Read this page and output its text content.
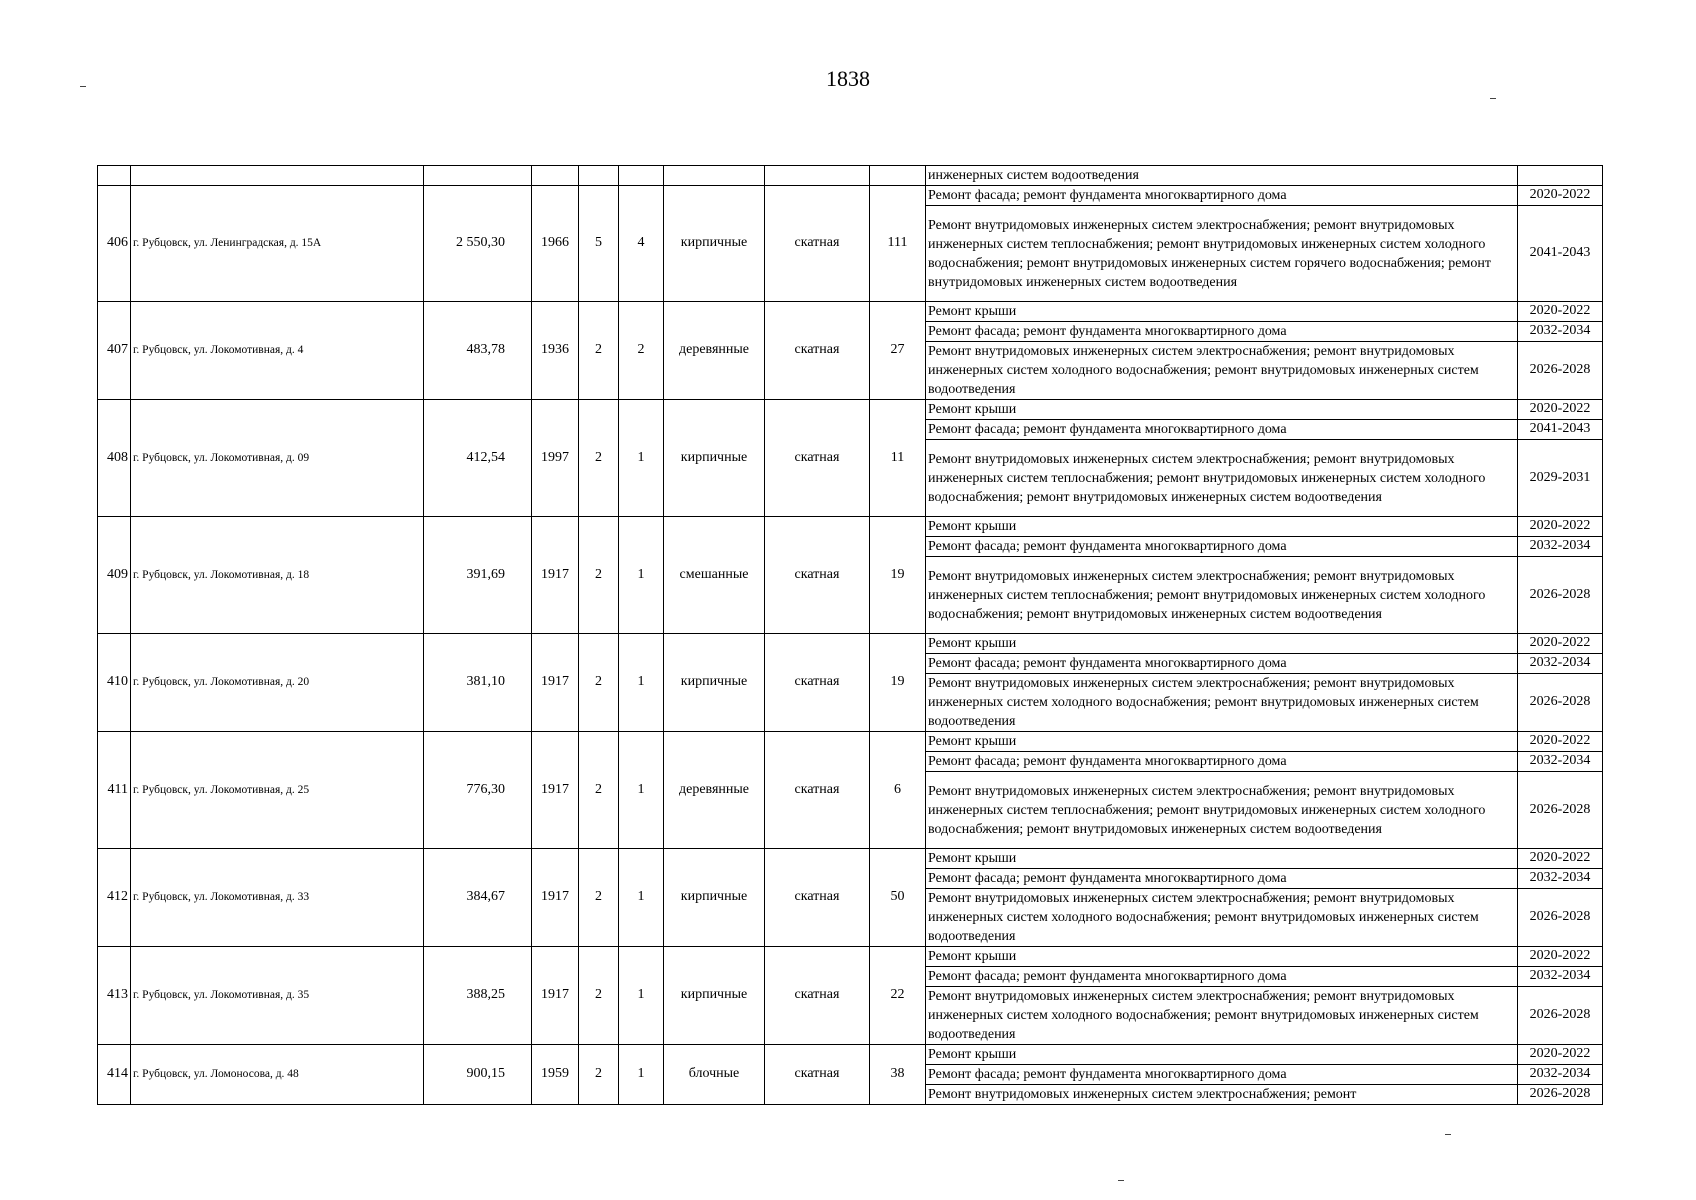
1838
									инженерных систем водоотведения	
406	г. Рубцовск, ул. Ленинградская, д. 15А	2 550,30	1966	5	4	кирпичные	скатная	111	Ремонт фасада; ремонт фундамента многоквартирного дома	2020-2022
									Ремонт внутридомовых инженерных систем электроснабжения; ремонт внутридомовых инженерных систем теплоснабжения; ремонт внутридомовых инженерных систем холодного водоснабжения; ремонт внутридомовых инженерных систем горячего водоснабжения; ремонт внутридомовых инженерных систем водоотведения	2041-2043
407	г. Рубцовск, ул. Локомотивная, д. 4	483,78	1936	2	2	деревянные	скатная	27	Ремонт крыши	2020-2022
									Ремонт фасада; ремонт фундамента многоквартирного дома	2032-2034
									Ремонт внутридомовых инженерных систем электроснабжения; ремонт внутридомовых инженерных систем холодного водоснабжения; ремонт внутридомовых инженерных систем водоотведения	2026-2028
408	г. Рубцовск, ул. Локомотивная, д. 09	412,54	1997	2	1	кирпичные	скатная	11	Ремонт крыши	2020-2022
									Ремонт фасада; ремонт фундамента многоквартирного дома	2041-2043
									Ремонт внутридомовых инженерных систем электроснабжения; ремонт внутридомовых инженерных систем теплоснабжения; ремонт внутридомовых инженерных систем холодного водоснабжения; ремонт внутридомовых инженерных систем водоотведения	2029-2031
409	г. Рубцовск, ул. Локомотивная, д. 18	391,69	1917	2	1	смешанные	скатная	19	Ремонт крыши	2020-2022
									Ремонт фасада; ремонт фундамента многоквартирного дома	2032-2034
									Ремонт внутридомовых инженерных систем электроснабжения; ремонт внутридомовых инженерных систем теплоснабжения; ремонт внутридомовых инженерных систем холодного водоснабжения; ремонт внутридомовых инженерных систем водоотведения	2026-2028
410	г. Рубцовск, ул. Локомотивная, д. 20	381,10	1917	2	1	кирпичные	скатная	19	Ремонт крыши	2020-2022
									Ремонт фасада; ремонт фундамента многоквартирного дома	2032-2034
									Ремонт внутридомовых инженерных систем электроснабжения; ремонт внутридомовых инженерных систем холодного водоснабжения; ремонт внутридомовых инженерных систем водоотведения	2026-2028
411	г. Рубцовск, ул. Локомотивная, д. 25	776,30	1917	2	1	деревянные	скатная	6	Ремонт крыши	2020-2022
									Ремонт фасада; ремонт фундамента многоквартирного дома	2032-2034
									Ремонт внутридомовых инженерных систем электроснабжения; ремонт внутридомовых инженерных систем теплоснабжения; ремонт внутридомовых инженерных систем холодного водоснабжения; ремонт внутридомовых инженерных систем водоотведения	2026-2028
412	г. Рубцовск, ул. Локомотивная, д. 33	384,67	1917	2	1	кирпичные	скатная	50	Ремонт крыши	2020-2022
									Ремонт фасада; ремонт фундамента многоквартирного дома	2032-2034
									Ремонт внутридомовых инженерных систем электроснабжения; ремонт внутридомовых инженерных систем холодного водоснабжения; ремонт внутридомовых инженерных систем водоотведения	2026-2028
413	г. Рубцовск, ул. Локомотивная, д. 35	388,25	1917	2	1	кирпичные	скатная	22	Ремонт крыши	2020-2022
									Ремонт фасада; ремонт фундамента многоквартирного дома	2032-2034
									Ремонт внутридомовых инженерных систем электроснабжения; ремонт внутридомовых инженерных систем холодного водоснабжения; ремонт внутридомовых инженерных систем водоотведения	2026-2028
414	г. Рубцовск, ул. Ломоносова, д. 48	900,15	1959	2	1	блочные	скатная	38	Ремонт крыши	2020-2022
									Ремонт фасада; ремонт фундамента многоквартирного дома	2032-2034
									Ремонт внутридомовых инженерных систем электроснабжения; ремонт	2026-2028
